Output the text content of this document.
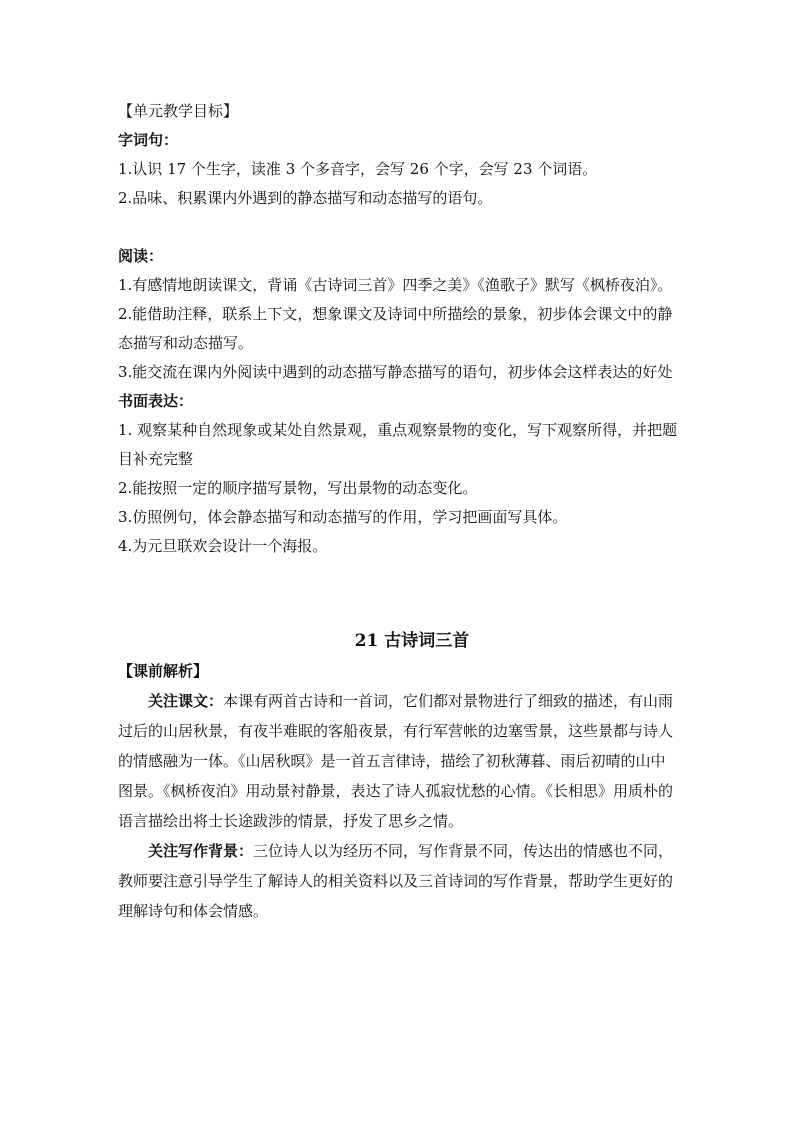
【单元教学目标】

字词句：

1.认识 17 个生字，读准 3 个多音字，会写 26 个字，会写 23 个词语。

2.品味、积累课内外遇到的静态描写和动态描写的语句。

阅读：

1.有感情地朗读课文，背诵《古诗词三首》四季之美》《渔歌子》默写《枫桥夜泊》。

2.能借助注释，联系上下文，想象课文及诗词中所描绘的景象，初步体会课文中的静态描写和动态描写。

3.能交流在课内外阅读中遇到的动态描写静态描写的语句，初步体会这样表达的好处

书面表达：

1. 观察某种自然现象或某处自然景观，重点观察景物的变化，写下观察所得，并把题目补充完整

2.能按照一定的顺序描写景物，写出景物的动态变化。

3.仿照例句，体会静态描写和动态描写的作用，学习把画面写具体。

4.为元旦联欢会设计一个海报。

21 古诗词三首

【课前解析】

关注课文：本课有两首古诗和一首词，它们都对景物进行了细致的描述，有山雨过后的山居秋景，有夜半难眠的客船夜景，有行军营帐的边塞雪景，这些景都与诗人的情感融为一体。《山居秋暝》是一首五言律诗，描绘了初秋薄暮、雨后初晴的山中图景。《枫桥夜泊》用动景衬静景，表达了诗人孤寂忧愁的心情。《长相思》用质朴的语言描绘出将士长途跋涉的情景，抒发了思乡之情。

关注写作背景：三位诗人以为经历不同，写作背景不同，传达出的情感也不同，教师要注意引导学生了解诗人的相关资料以及三首诗词的写作背景，帮助学生更好的理解诗句和体会情感。
